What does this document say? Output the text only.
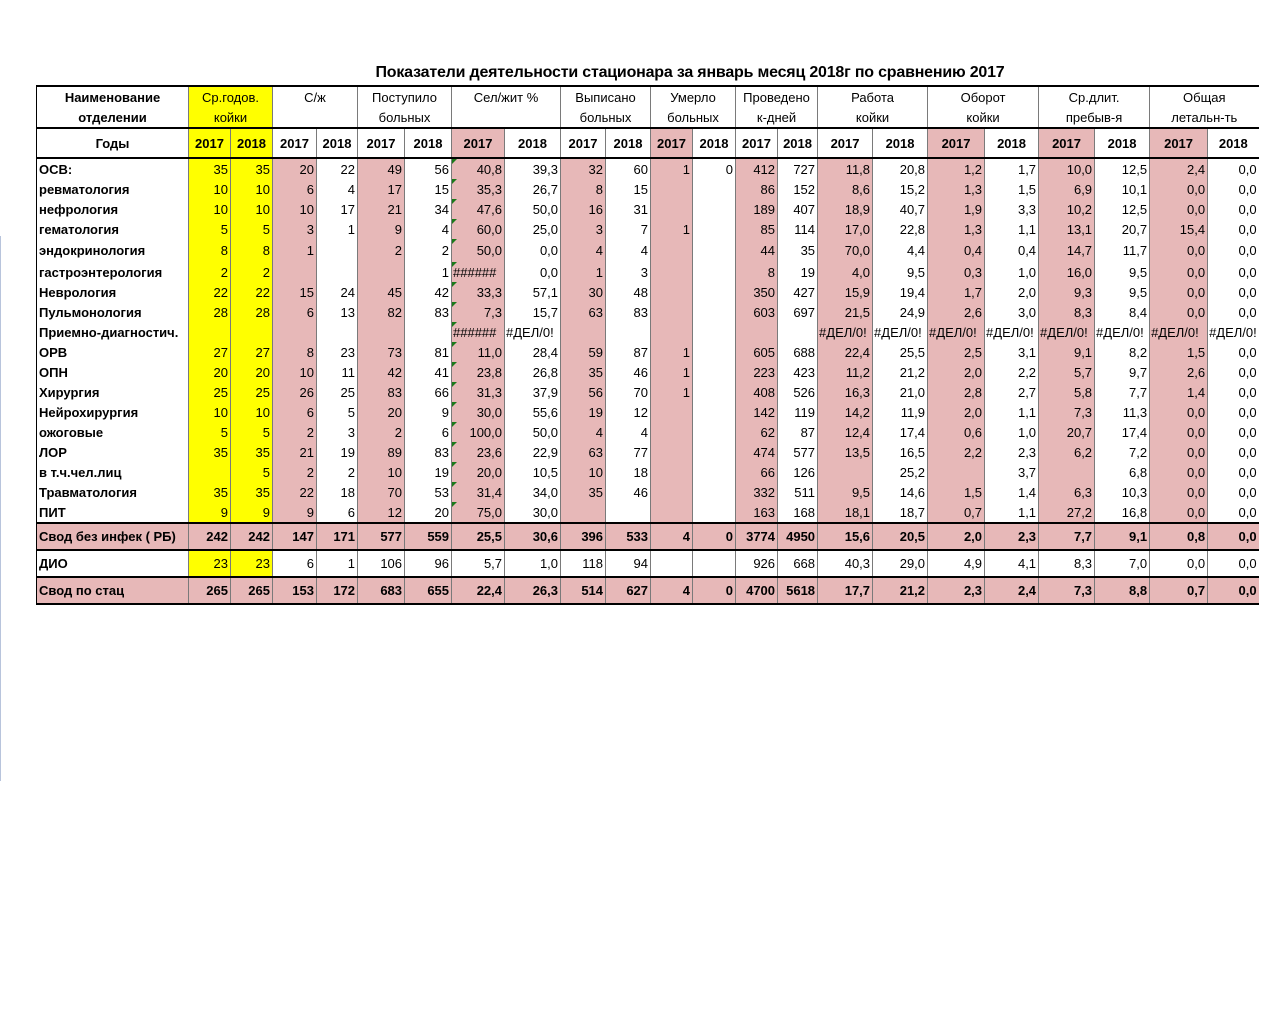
Показатели деятельности стационара за январь месяц 2018г по сравнению 2017
Наименование	Ср.годов.		С/ж		Поступило		Сел/жит %		Выписано		Умерло		Проведено		Работа		Оборот		Ср.длит.		Общая	
отделении	койки				больных				больных		больных		к-дней		койки		койки		пребыв-я		летальн-ть	
Годы	2017	2018	2017	2018	2017	2018	2017	2018	2017	2018	2017	2018	2017	2018	2017	2018	2017	2018	2017	2018	2017	2018
ОСВ:	35	35	20	22	49	56	40,8	39,3	32	60	1	0	412	727	11,8	20,8	1,2	1,7	10,0	12,5	2,4	0,0
ревматология	10	10	6	4	17	15	35,3	26,7	8	15			86	152	8,6	15,2	1,3	1,5	6,9	10,1	0,0	0,0
нефрология	10	10	10	17	21	34	47,6	50,0	16	31			189	407	18,9	40,7	1,9	3,3	10,2	12,5	0,0	0,0
гематология	5	5	3	1	9	4	60,0	25,0	3	7	1		85	114	17,0	22,8	1,3	1,1	13,1	20,7	15,4	0,0
эндокринология	8	8	1		2	2	50,0	0,0	4	4			44	35	70,0	4,4	0,4	0,4	14,7	11,7	0,0	0,0
гастроэнтерология	2	2				1	######	0,0	1	3			8	19	4,0	9,5	0,3	1,0	16,0	9,5	0,0	0,0
Неврология	22	22	15	24	45	42	33,3	57,1	30	48			350	427	15,9	19,4	1,7	2,0	9,3	9,5	0,0	0,0
Пульмонология	28	28	6	13	82	83	7,3	15,7	63	83			603	697	21,5	24,9	2,6	3,0	8,3	8,4	0,0	0,0
Приемно-диагностич.							######	#ДЕЛ/0!							#ДЕЛ/0!	#ДЕЛ/0!	#ДЕЛ/0!	#ДЕЛ/0!	#ДЕЛ/0!	#ДЕЛ/0!	#ДЕЛ/0!	#ДЕЛ/0!
ОРВ	27	27	8	23	73	81	11,0	28,4	59	87	1		605	688	22,4	25,5	2,5	3,1	9,1	8,2	1,5	0,0
ОПН	20	20	10	11	42	41	23,8	26,8	35	46	1		223	423	11,2	21,2	2,0	2,2	5,7	9,7	2,6	0,0
Хирургия	25	25	26	25	83	66	31,3	37,9	56	70	1		408	526	16,3	21,0	2,8	2,7	5,8	7,7	1,4	0,0
Нейрохирургия	10	10	6	5	20	9	30,0	55,6	19	12			142	119	14,2	11,9	2,0	1,1	7,3	11,3	0,0	0,0
ожоговые	5	5	2	3	2	6	100,0	50,0	4	4			62	87	12,4	17,4	0,6	1,0	20,7	17,4	0,0	0,0
ЛОР	35	35	21	19	89	83	23,6	22,9	63	77			474	577	13,5	16,5	2,2	2,3	6,2	7,2	0,0	0,0
в т.ч.чел.лиц		5	2	2	10	19	20,0	10,5	10	18			66	126		25,2		3,7		6,8	0,0	0,0
Травматология	35	35	22	18	70	53	31,4	34,0	35	46			332	511	9,5	14,6	1,5	1,4	6,3	10,3	0,0	0,0
ПИТ	9	9	9	6	12	20	75,0	30,0					163	168	18,1	18,7	0,7	1,1	27,2	16,8	0,0	0,0
Свод без инфек ( РБ)	242	242	147	171	577	559	25,5	30,6	396	533	4	0	3774	4950	15,6	20,5	2,0	2,3	7,7	9,1	0,8	0,0
ДИО	23	23	6	1	106	96	5,7	1,0	118	94			926	668	40,3	29,0	4,9	4,1	8,3	7,0	0,0	0,0
Свод по стац	265	265	153	172	683	655	22,4	26,3	514	627	4	0	4700	5618	17,7	21,2	2,3	2,4	7,3	8,8	0,7	0,0
